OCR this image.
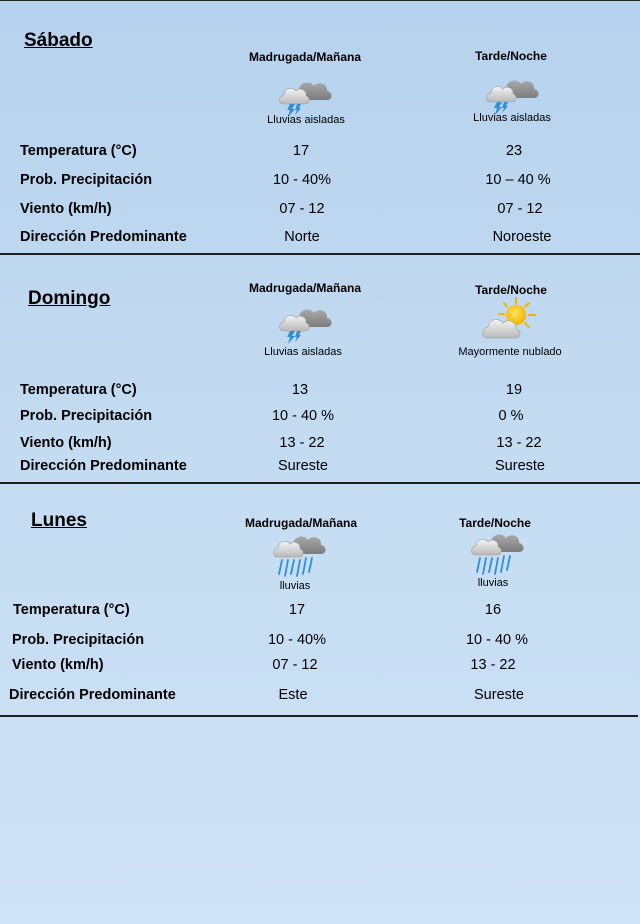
Sábado
Madrugada/Mañana
Lluvias aisladas
Tarde/Noche
Lluvias aisladas
Temperatura (°C)	17	23
Prob. Precipitación	10 - 40%	10 – 40 %
Viento (km/h)	07 - 12	07 - 12
Dirección Predominante	Norte	Noroeste
Domingo	Madrugada/Mañana
Lluvias aisladas
Tarde/Noche
Mayormente nublado
Temperatura (°C)	13	19
Prob. Precipitación	10 - 40 %	0 %
Viento (km/h)	13 - 22	13 - 22
Dirección Predominante	Sureste	Sureste
Lunes	Madrugada/Mañana
lluvias
Tarde/Noche
lluvias
Temperatura (°C)	17	16
Prob. Precipitación	10 - 40%	10 - 40 %
Viento (km/h)	07 - 12	13 - 22
Dirección Predominante	Este	Sureste
